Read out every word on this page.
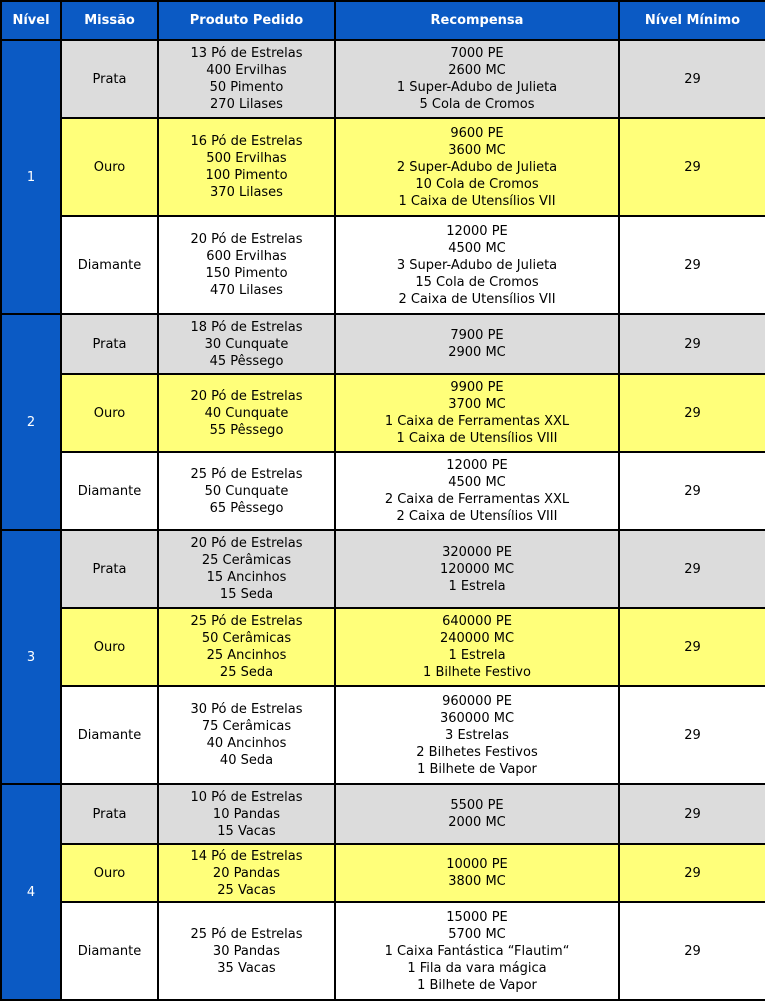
Nível	Missão	Produto Pedido	Recompensa	Nível Mínimo
1	Prata	13 Pó de Estrelas
400 Ervilhas
50 Pimento
270 Lilases	7000 PE
2600 MC
1 Super-Adubo de Julieta
5 Cola de Cromos	29
	Ouro	16 Pó de Estrelas
500 Ervilhas
100 Pimento
370 Lilases	9600 PE
3600 MC
2 Super-Adubo de Julieta
10 Cola de Cromos
1 Caixa de Utensílios VII	29
	Diamante	20 Pó de Estrelas
600 Ervilhas
150 Pimento
470 Lilases	12000 PE
4500 MC
3 Super-Adubo de Julieta
15 Cola de Cromos
2 Caixa de Utensílios VII	29
2	Prata	18 Pó de Estrelas
30 Cunquate
45 Pêssego	7900 PE
2900 MC	29
	Ouro	20 Pó de Estrelas
40 Cunquate
55 Pêssego	9900 PE
3700 MC
1 Caixa de Ferramentas XXL
1 Caixa de Utensílios VIII	29
	Diamante	25 Pó de Estrelas
50 Cunquate
65 Pêssego	12000 PE
4500 MC
2 Caixa de Ferramentas XXL
2 Caixa de Utensílios VIII	29
3	Prata	20 Pó de Estrelas
25 Cerâmicas
15 Ancinhos
15 Seda	320000 PE
120000 MC
1 Estrela	29
	Ouro	25 Pó de Estrelas
50 Cerâmicas
25 Ancinhos
25 Seda	640000 PE
240000 MC
1 Estrela
1 Bilhete Festivo	29
	Diamante	30 Pó de Estrelas
75 Cerâmicas
40 Ancinhos
40 Seda	960000 PE
360000 MC
3 Estrelas
2 Bilhetes Festivos
1 Bilhete de Vapor	29
4	Prata	10 Pó de Estrelas
10 Pandas
15 Vacas	5500 PE
2000 MC	29
	Ouro	14 Pó de Estrelas
20 Pandas
25 Vacas	10000 PE
3800 MC	29
	Diamante	25 Pó de Estrelas
30 Pandas
35 Vacas	15000 PE
5700 MC
1 Caixa Fantástica “Flautim“
1 Fila da vara mágica
1 Bilhete de Vapor	29
